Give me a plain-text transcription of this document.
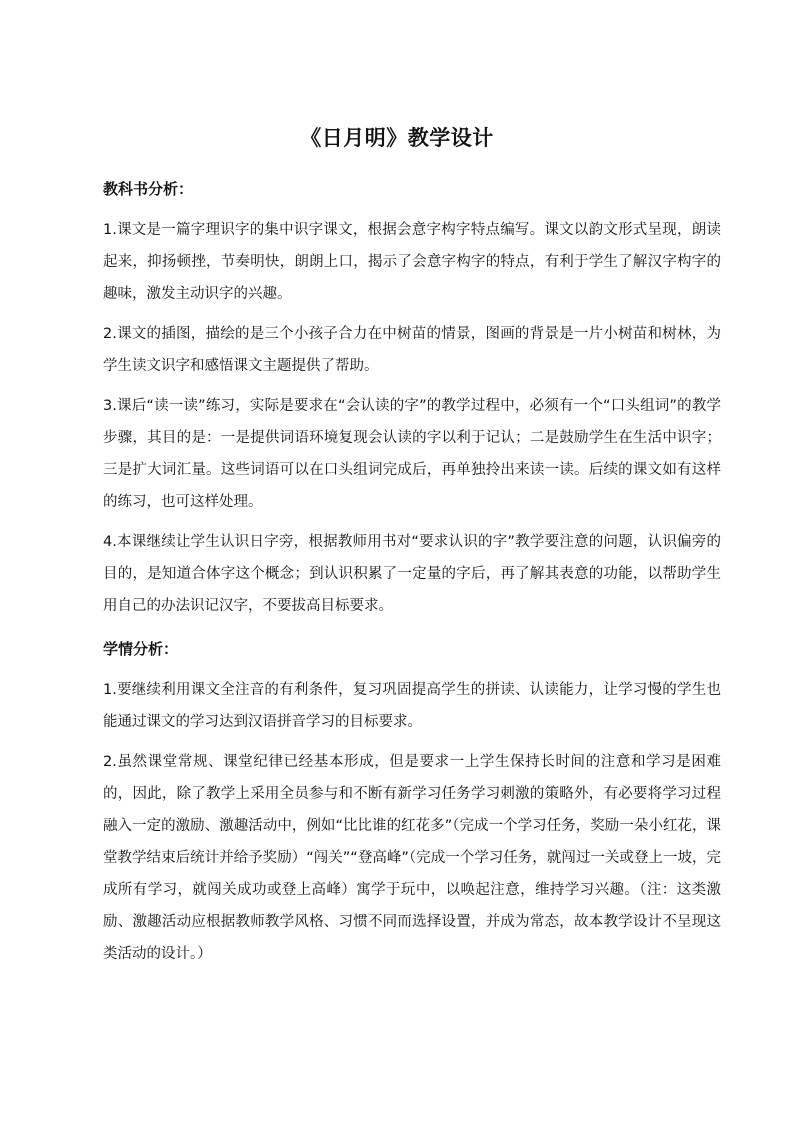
《日月明》教学设计
教科书分析：

1.课文是一篇字理识字的集中识字课文，根据会意字构字特点编写。课文以韵文形式呈现，朗读起来，抑扬顿挫，节奏明快，朗朗上口，揭示了会意字构字的特点，有利于学生了解汉字构字的趣味，激发主动识字的兴趣。

2.课文的插图，描绘的是三个小孩子合力在中树苗的情景，图画的背景是一片小树苗和树林，为学生读文识字和感悟课文主题提供了帮助。

3.课后“读一读”练习，实际是要求在“会认读的字”的教学过程中，必须有一个“口头组词”的教学步骤，其目的是：一是提供词语环境复现会认读的字以利于记认；二是鼓励学生在生活中识字；三是扩大词汇量。这些词语可以在口头组词完成后，再单独拎出来读一读。后续的课文如有这样的练习，也可这样处理。

4.本课继续让学生认识日字旁，根据教师用书对“要求认识的字”教学要注意的问题，认识偏旁的目的，是知道合体字这个概念；到认识积累了一定量的字后，再了解其表意的功能，以帮助学生用自己的办法识记汉字，不要拔高目标要求。

学情分析：

1.要继续利用课文全注音的有利条件，复习巩固提高学生的拼读、认读能力，让学习慢的学生也能通过课文的学习达到汉语拼音学习的目标要求。

2.虽然课堂常规、课堂纪律已经基本形成，但是要求一上学生保持长时间的注意和学习是困难的，因此，除了教学上采用全员参与和不断有新学习任务学习刺激的策略外，有必要将学习过程融入一定的激励、激趣活动中，例如“比比谁的红花多”（完成一个学习任务，奖励一朵小红花，课堂教学结束后统计并给予奖励）“闯关”“登高峰”（完成一个学习任务，就闯过一关或登上一坡，完成所有学习，就闯关成功或登上高峰）寓学于玩中，以唤起注意，维持学习兴趣。（注：这类激励、激趣活动应根据教师教学风格、习惯不同而选择设置，并成为常态，故本教学设计不呈现这类活动的设计。）
